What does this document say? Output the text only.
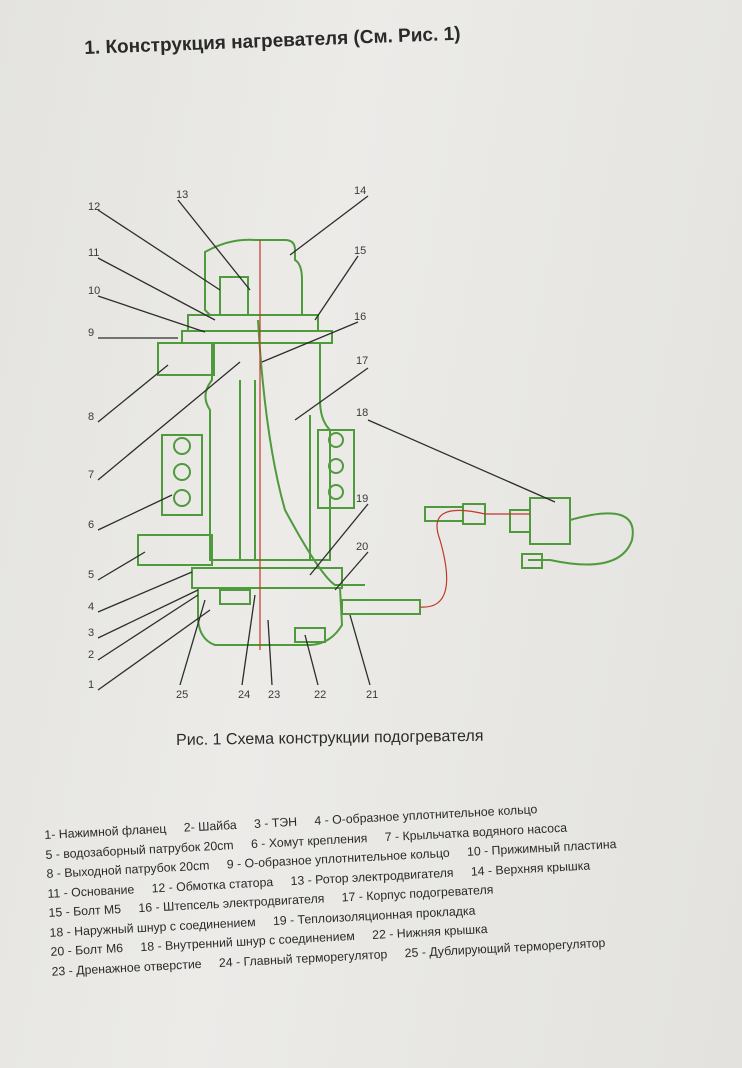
1. Конструкция нагревателя (См. Рис. 1)
12
13	14
11	15
10
16
9
17
8	18
7
6
19
5
20
4
3
2
1
25	24 23	22	21
Рис. 1 Схема конструкции подогревателя
1- Нажимной фланец 2- Шайба 3 - ТЭН 4 - О-образное уплотнительное кольцо
5 - водозаборный патрубок 20cm 6 - Хомут крепления 7 - Крыльчатка водяного насоса
8 - Выходной патрубок 20cm 9 - О-образное уплотнительное кольцо 10 - Прижимный пластина
11 - Основание 12 - Обмотка статора 13 - Ротор электродвигателя 14 - Верхняя крышка
15 - Болт М5 16 - Штепсель электродвигателя 17 - Корпус подогревателя
18 - Наружный шнур с соединением 19 - Теплоизоляционная прокладка
20 - Болт М6 18 - Внутренний шнур с соединением 22 - Нижняя крышка
23 - Дренажное отверстие 24 - Главный терморегулятор 25 - Дублирующий терморегулятор
